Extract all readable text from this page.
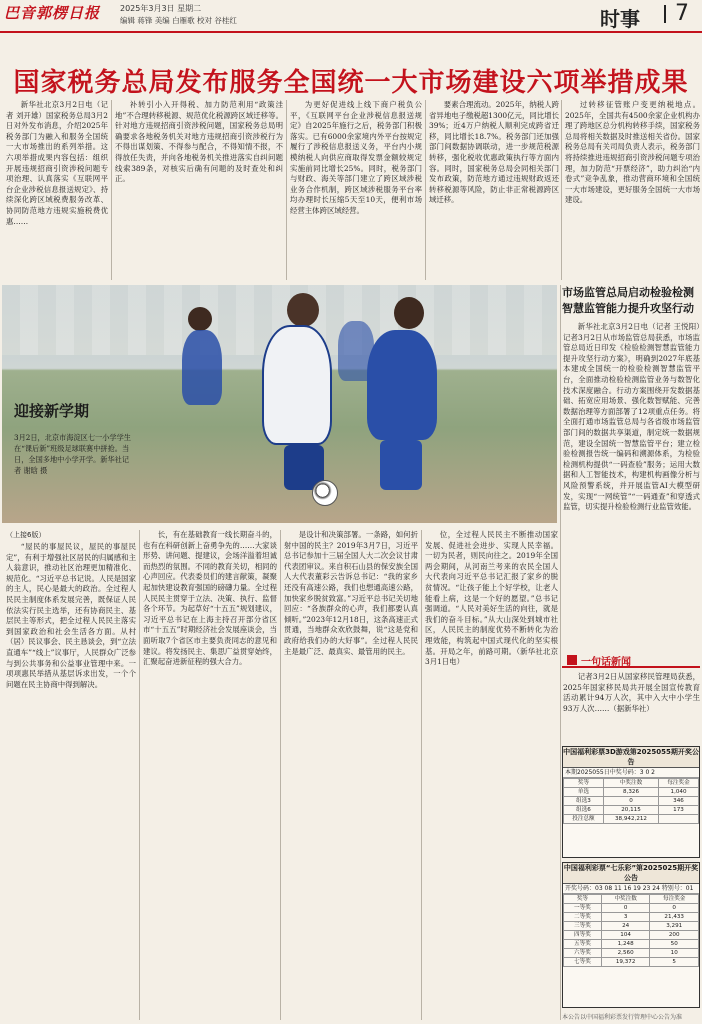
巴音郭楞日报 2025年3月3日 星期二
编辑 蒋锋 美编 白雁歌 校对 谷桂红	时事 7
国家税务总局发布服务全国统一大市场建设六项举措成果

新华社北京3月2日电（记者 刘开雄）国家税务总局3月2日对外发布消息，介绍2025年税务部门为融入和服务全国统一大市场推出的系列举措。这六项举措成果内容包括：组织开展违规招商引资涉税问题专项治理、认真落实《互联网平台企业涉税信息报送规定》、持续深化跨区域税费服务改革、协同防范地方违规实施税费优惠……

补转引小入开得税、加力防范利用“政策洼地”不合理转移税源、规范优化税源跨区域迁移等。针对地方违规招商引资涉税问题，国家税务总局明确要求各地税务机关对地方违规招商引资涉税行为不得出谋划策、不得参与配合，不得知情不报，不得放任失责，并向各地税务机关推进落实自纠问题线索389条，对核实后确有问题的及时查处和纠正。

为更好促进线上线下商户税负公平，《互联网平台企业涉税信息报送规定》自2025年施行之后，税务部门积极落实。已有6000余家境内外平台按规定履行了涉税信息报送义务，平台内小规模纳税人向供应商取得发票金额较规定实施前同比增长25%。同时，税务部门与财政、海关等部门建立了跨区域涉税业务合作机制，跨区域涉税服务平台率均办理时长压缩5天至10天，便利市场经营主体跨区域经营。

要素合理流动。2025年，纳税人跨省异地电子缴税超1300亿元，同比增长39%；近4万户纳税人顺利完成跨省迁移，同比增长18.7%。税务部门还加强部门间数据协调联动，进一步规范税源转移，强化税收优惠政策执行等方面内容。同时，国家税务总局会同相关部门发布政策，防范地方通过违规财政返还转移税源等风险，防止非正常税源跨区域迁移。

过转移征管账户变更纳税地点。2025年，全国共有4500余家企业机构办理了跨地区总分机构转移手续，国家税务总局将相关数据及时推送相关省份。国家税务总局有关司局负责人表示，税务部门将持续推进违规招商引资涉税问题专项治理，加力防范“开票经济”，助力纠治“内卷式”竞争乱象，推动营商环境和全国统一大市场建设，更好服务全国统一大市场建设。

迎接新学期
3月2日，北京市海淀区七一小学学生在“课后新”班级足球联赛中拼抢。当日，全国多地中小学开学。新华社记者 谢晗 摄
市场监管总局启动检验检测
智慧监管能力提升攻坚行动

新华社北京3月2日电（记者 王悦阳）记者3月2日从市场监管总局获悉，市场监管总局近日印发《检验检测智慧监管能力提升攻坚行动方案》，明确到2027年底基本建成全国统一的检验检测智慧监管平台，全面推动检验检测监管业务与数智化技术深度融合。行动方案围绕开发数据基础、拓宽应用场景、强化数智赋能、完善数据治理等方面部署了12项重点任务。将全面打通市场监管总局与各省级市场监管部门间的数据共享渠道，制定统一数据规范，建设全国统一智慧监管平台；建立检验检测报告统一编码和溯源体系，为检验检测机构提供“一码查验”服务；运用大数据和人工智能技术，构建机构画像分析与风险预警系统，并开展监管AI大模型研发，实现“一网统管”“一码通查”和穿透式监管，切实提升检验检测行业监管效能。

一句话新闻

记者3月2日从国家移民管理局获悉，2025年国家移民局共开展全国宣传教育活动累计94万人次，其中入大中小学生93万人次……（据新华社）

中国福利彩票3D游戏第2025055期开奖公告
本期2025055日中奖号码：3 0 2
奖等	中奖注数	每注奖金
单选	8,326	1,040
组选3	0	346
组选6	20,115	173
投注总额	38,942,212	
中国福利彩票“七乐彩”第2025025期开奖公告
开奖号码：03 08 11 16 19 23 24 特别号：01
奖等	中奖注数	每注奖金
一等奖	0	0
二等奖	3	21,433
三等奖	24	3,291
四等奖	104	200
五等奖	1,248	50
六等奖	2,560	10
七等奖	19,372	5
本公告以中国福利彩票发行管理中心公告为准
（上接6版）

“屋民的事屋民议，屋民的事屋民定”，有利于增强社区居民的归属感和主人翁意识，推动社区治理更加精准化、规范化。“习近平总书记说。人民是国家的主人，民心是最大的政治。全过程人民民主制度体系发展完善，既保证人民依法实行民主选举，还有协商民主、基层民主等形式，把全过程人民民主落实到国家政治和社会生活各方面。从村（居）民议事会、民主恳谈会，到“立法直通车”“线上”议事厅，人民群众广泛参与到公共事务和公益事业管理中来。一项项惠民举措从基层诉求出发，一个个问题在民主协商中得到解决。

长，有在基础教育一线长期奋斗的，也有在科研创新上奋勇争先的……大家谈形势、讲问题、提建议，会场洋溢着坦诚而热烈的氛围。不同的教育关切，相同的心声回应。代表委员们的建言献策，凝聚起加快建设教育强国的磅礴力量。全过程人民民主贯穿于立法、决策、执行、监督各个环节。为起草好“十五五”规划建议，习近平总书记在上海主持召开部分省区市“十五五”时期经济社会发展座谈会，当面听取7个省区市主要负责同志的意见和建议。将发扬民主、集思广益贯穿始终，汇聚起奋进新征程的强大合力。

是设计和决策部署。一条路，如何折射中国的民主？2019年3月7日，习近平总书记参加十三届全国人大二次会议甘肃代表团审议。来自积石山县的保安族全国人大代表董彩云告诉总书记：“我的家乡还没有高速公路，我们也想通高速公路，加快家乡脱贫致富。”习近平总书记关切地回应：“各族群众的心声，我们都要认真倾听。”2023年12月18日，这条高速正式贯通，当地群众欢欣鼓舞，说“这是党和政府给我们办的大好事”。全过程人民民主是最广泛、最真实、最管用的民主。

位，全过程人民民主不断推动国家发展、促进社会进步、实现人民幸福。一切为民者，则民向往之。2019年全国两会期间，从河南兰考来的农民全国人大代表向习近平总书记汇报了家乡的脱贫情况。“让孩子能上个好学校，让老人能看上病，这是一个好的愿望。”总书记强调道。“人民对美好生活的向往，就是我们的奋斗目标。”从大山深处到城市社区，人民民主的制度优势不断转化为治理效能，构筑起中国式现代化的坚实根基。开局之年，前路可期。（新华社北京3月1日电）
